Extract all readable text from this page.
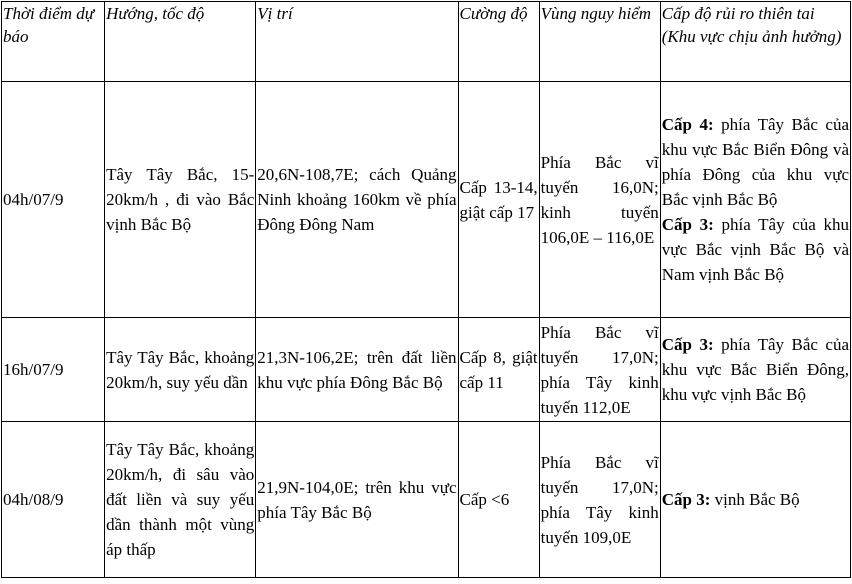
Thời điểm dự báo	Hướng, tốc độ	Vị trí	Cường độ	Vùng nguy hiểm	Cấp độ rủi ro thiên tai (Khu vực chịu ảnh hưởng)
04h/07/9	Tây Tây Bắc, 15-20km/h , đi vào Bắc vịnh Bắc Bộ	20,6N-108,7E; cách Quảng Ninh khoảng 160km về phía Đông Đông Nam	Cấp 13-14, giật cấp 17	Phía Bắc vĩ tuyến 16,0N; kinh tuyến 106,0E – 116,0E	Cấp 4: phía Tây Bắc của khu vực Bắc Biển Đông và phía Đông của khu vực Bắc vịnh Bắc Bộ
Cấp 3: phía Tây của khu vực Bắc vịnh Bắc Bộ và Nam vịnh Bắc Bộ

16h/07/9	Tây Tây Bắc, khoảng 20km/h, suy yếu dần	21,3N-106,2E; trên đất liền khu vực phía Đông Bắc Bộ	Cấp 8, giật cấp 11	Phía Bắc vĩ tuyến 17,0N; phía Tây kinh tuyến 112,0E	Cấp 3: phía Tây Bắc của khu vực Bắc Biển Đông, khu vực vịnh Bắc Bộ

04h/08/9	Tây Tây Bắc, khoảng 20km/h, đi sâu vào đất liền và suy yếu dần thành một vùng áp thấp	21,9N-104,0E; trên khu vực phía Tây Bắc Bộ	Cấp <6	Phía Bắc vĩ tuyến 17,0N; phía Tây kinh tuyến 109,0E	Cấp 3: vịnh Bắc Bộ
